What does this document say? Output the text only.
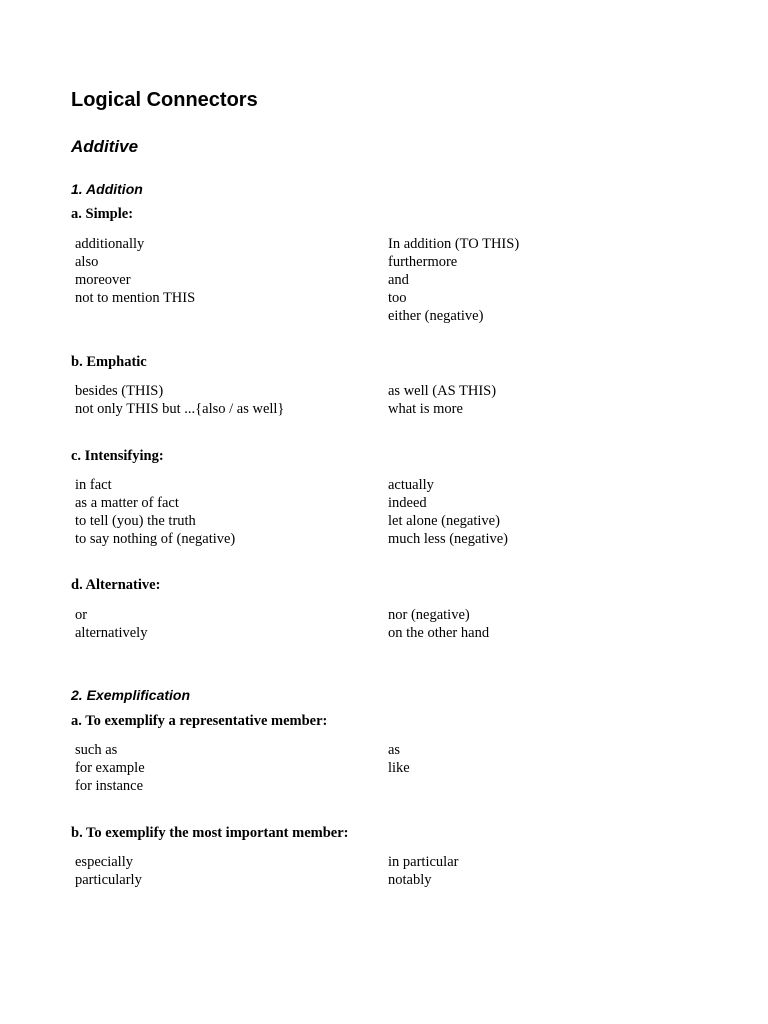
Logical Connectors
Additive
1. Addition
a. Simple:
additionally
also
moreover
not to mention THIS
In addition (TO THIS)
furthermore
and
too
either (negative)
b. Emphatic
besides (THIS)
not only THIS but ...{also / as well}
as well (AS THIS)
what is more
c. Intensifying:
in fact
as a matter of fact
to tell (you) the truth
to say nothing of (negative)
actually
indeed
let alone (negative)
much less (negative)
d. Alternative:
or
alternatively
nor (negative)
on the other hand
2. Exemplification
a. To exemplify a representative member:
such as
for example
for instance
as
like
b. To exemplify the most important member:
especially
particularly
in particular
notably
